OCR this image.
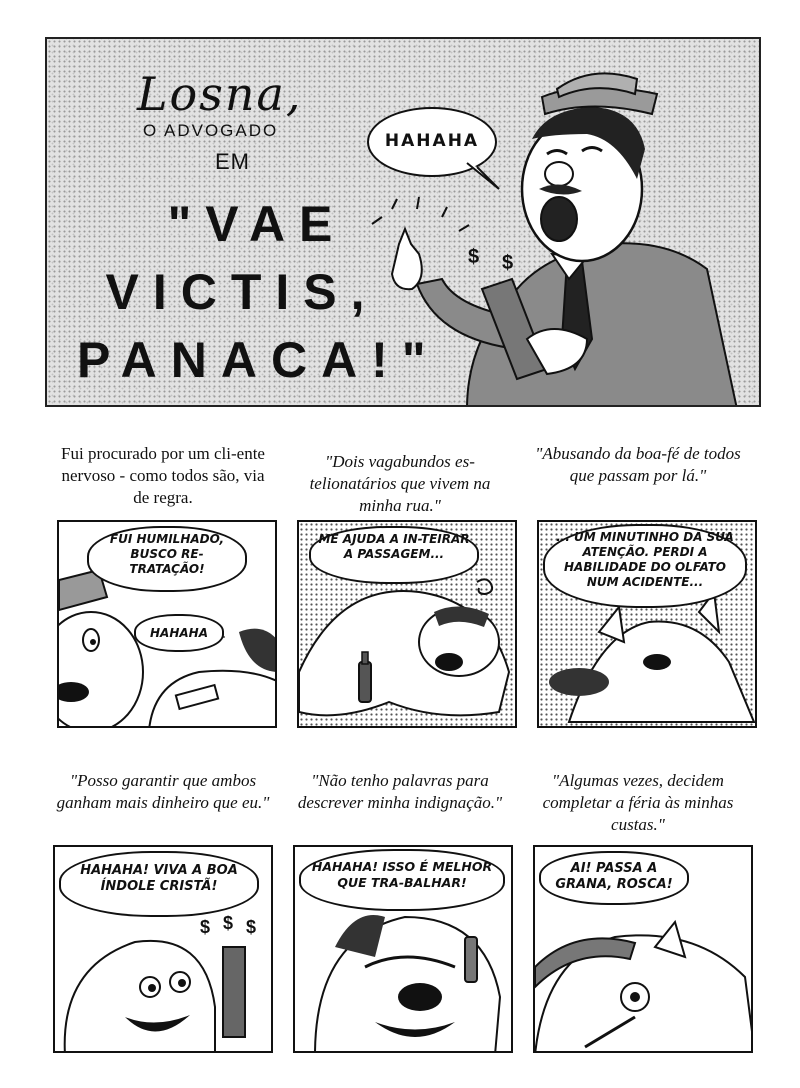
Losna,
O ADVOGADO
EM
"VAE
VICTIS,
PANACA!"
HAHAHA
$ $
Fui procurado por um cli-ente nervoso - como todos são, via de regra.
"Dois vagabundos es-telionatários que vivem na minha rua."
"Abusando da boa-fé de todos que passam por lá."
FUI HUMILHADO, BUSCO RE-TRATAÇÃO!
HAHAHA
ME AJUDA A IN-TEIRAR A PASSAGEM...
... UM MINUTINHO DA SUA ATENÇÃO. PERDI A HABILIDADE DO OLFATO NUM ACIDENTE...
"Posso garantir que ambos ganham mais dinheiro que eu."
"Não tenho palavras para descrever minha indignação."
"Algumas vezes, decidem completar a féria às minhas custas."
HAHAHA! VIVA A BOA ÍNDOLE CRISTÃ!
$ $ $
HAHAHA! ISSO É MELHOR QUE TRA-BALHAR!
AI! PASSA A GRANA, ROSCA!
